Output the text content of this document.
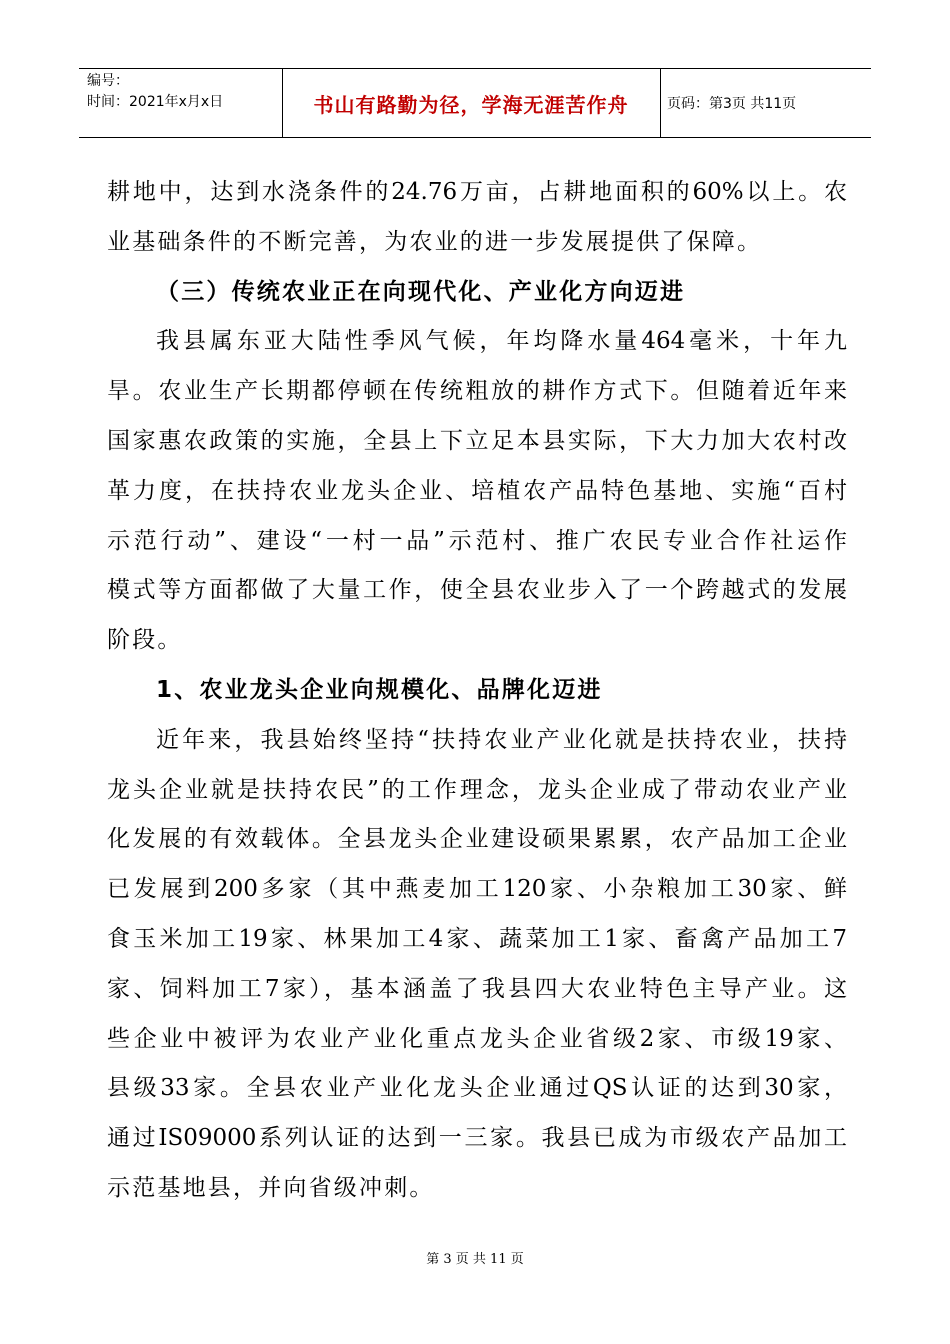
编号：
时间：2021年x月x日	书山有路勤为径，学海无涯苦作舟	页码：第3页 共11页
耕地中，达到水浇条件的24.76万亩，占耕地面积的60%以上。农
业基础条件的不断完善，为农业的进一步发展提供了保障。
（三）传统农业正在向现代化、产业化方向迈进
我县属东亚大陆性季风气候，年均降水量464毫米，十年九
旱。农业生产长期都停顿在传统粗放的耕作方式下。但随着近年来
国家惠农政策的实施，全县上下立足本县实际，下大力加大农村改
革力度，在扶持农业龙头企业、培植农产品特色基地、实施“百村
示范行动”、建设“一村一品”示范村、推广农民专业合作社运作
模式等方面都做了大量工作，使全县农业步入了一个跨越式的发展
阶段。
1、农业龙头企业向规模化、品牌化迈进
近年来，我县始终坚持“扶持农业产业化就是扶持农业，扶持
龙头企业就是扶持农民”的工作理念，龙头企业成了带动农业产业
化发展的有效载体。全县龙头企业建设硕果累累，农产品加工企业
已发展到200多家（其中燕麦加工120家、小杂粮加工30家、鲜
食玉米加工19家、林果加工4家、蔬菜加工1家、畜禽产品加工7
家、饲料加工7家），基本涵盖了我县四大农业特色主导产业。这
些企业中被评为农业产业化重点龙头企业省级2家、市级19家、
县级33家。全县农业产业化龙头企业通过QS认证的达到30家，
通过IS09000系列认证的达到一三家。我县已成为市级农产品加工
示范基地县，并向省级冲刺。
第 3 页 共 11 页
